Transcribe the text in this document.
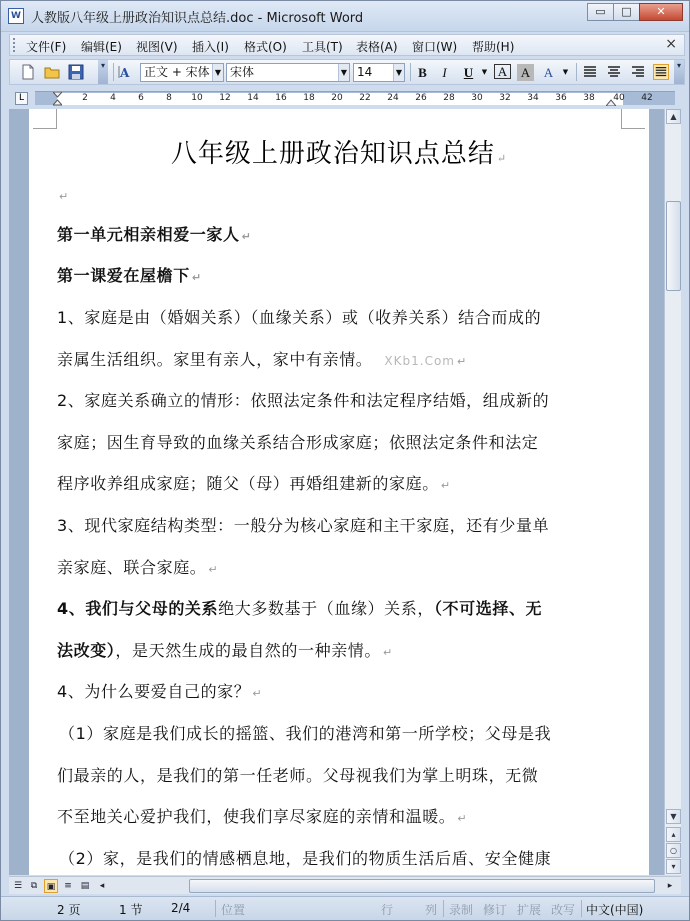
W 人教版八年级上册政治知识点总结.doc - Microsoft Word	▭	□	✕
文件(F) 编辑(E) 视图(V) 插入(I) 格式(O) 工具(T) 表格(A) 窗口(W) 帮助(H)	×
▾
A	正文 + 宋体 ▼ 宋体	▼ 14	▼	B	I	U	▼ A A A	▼
▾
L	2	4	6	8	10	12	14	16	18	20	22	24	26	28	30	32	34	36	38	40	42
八年级上册政治知识点总结 ↵
↵
第一单元相亲相爱一家人 ↵
第一课爱在屋檐下 ↵
1、家庭是由（婚姻关系）（血缘关系）或（收养关系）结合而成的
亲属生活组织。家里有亲人，家中有亲情。 XKb1.Com ↵
2、家庭关系确立的情形：依照法定条件和法定程序结婚，组成新的
家庭；因生育导致的血缘关系结合形成家庭；依照法定条件和法定
程序收养组成家庭；随父（母）再婚组建新的家庭。 ↵
3、现代家庭结构类型：一般分为核心家庭和主干家庭，还有少量单
亲家庭、联合家庭。 ↵
4、我们与父母的关系绝大多数基于（血缘）关系，（不可选择、无
法改变），是天然生成的最自然的一种亲情。 ↵
4、为什么要爱自己的家？ ↵
（1）家庭是我们成长的摇篮、我们的港湾和第一所学校；父母是我
们最亲的人，是我们的第一任老师。父母视我们为掌上明珠，无微
不至地关心爱护我们，使我们享尽家庭的亲情和温暖。 ↵
（2）家，是我们的情感栖息地，是我们的物质生活后盾、安全健康
▲
▼
▴
○
▾
☰ ⧉	▣ ≡ ▤	◂	▸
2 页	1 节 2/4	位置	行	列 录制 修订 扩展 改写 中文(中国)
